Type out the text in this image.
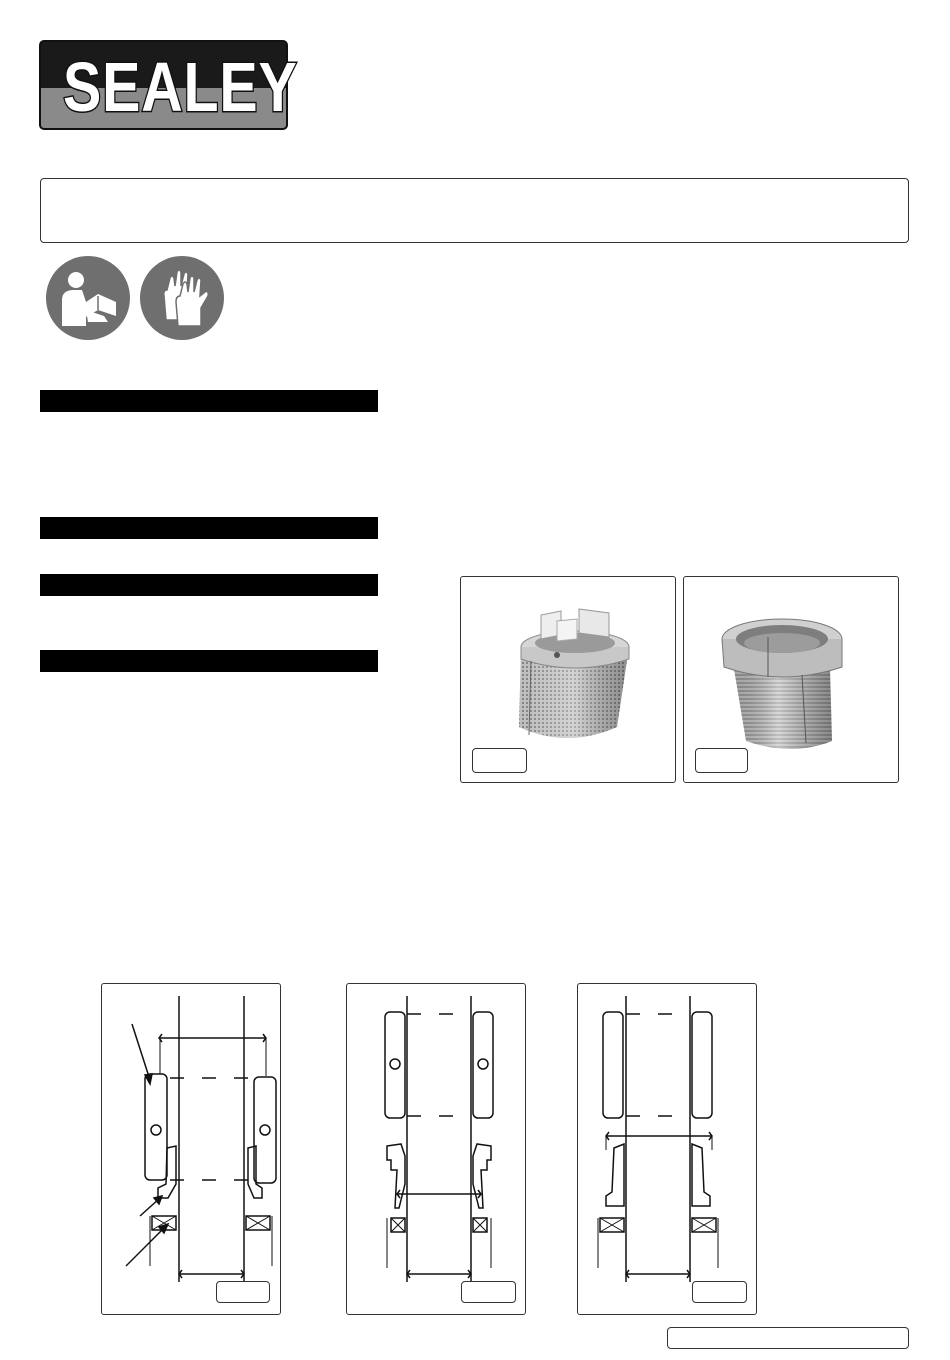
SEALEY
